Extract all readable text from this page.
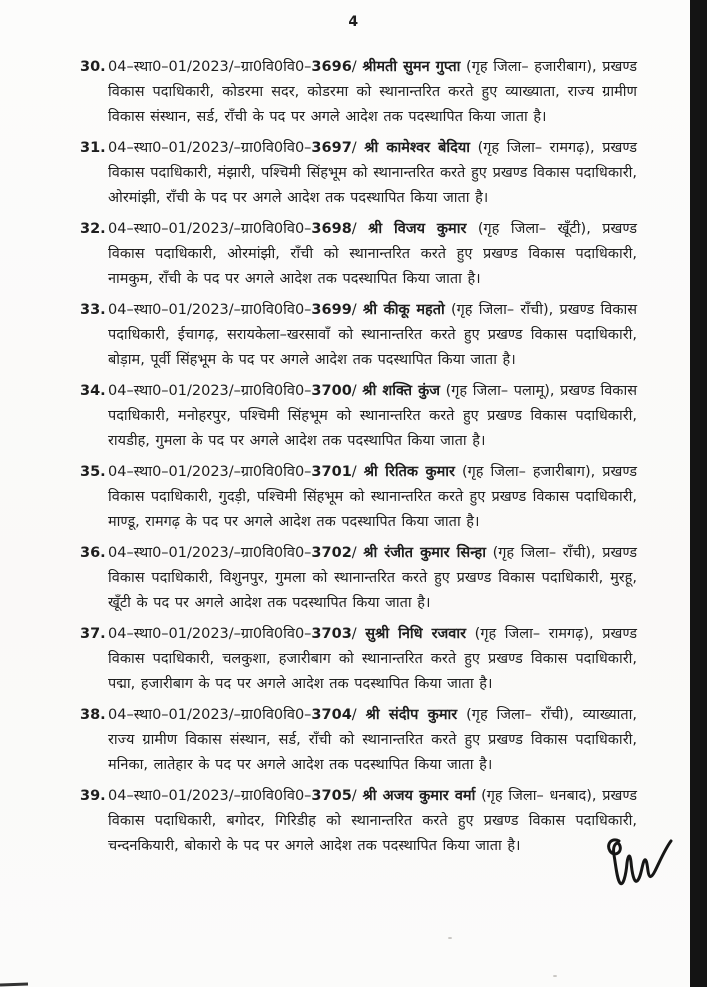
4
30. 04–स्था0–01/2023/–ग्रा0वि0वि0–3696/ श्रीमती सुमन गुप्ता (गृह जिला– हजारीबाग), प्रखण्ड विकास पदाधिकारी, कोडरमा सदर, कोडरमा को स्थानान्तरित करते हुए व्याख्याता, राज्य ग्रामीण विकास संस्थान, सर्ड, राँची के पद पर अगले आदेश तक पदस्थापित किया जाता है।

31. 04–स्था0–01/2023/–ग्रा0वि0वि0–3697/ श्री कामेश्वर बेदिया (गृह जिला– रामगढ़), प्रखण्ड विकास पदाधिकारी, मंझारी, पश्चिमी सिंहभूम को स्थानान्तरित करते हुए प्रखण्ड विकास पदाधिकारी, ओरमांझी, राँची के पद पर अगले आदेश तक पदस्थापित किया जाता है।

32. 04–स्था0–01/2023/–ग्रा0वि0वि0–3698/ श्री विजय कुमार (गृह जिला– खूँटी), प्रखण्ड विकास पदाधिकारी, ओरमांझी, राँची को स्थानान्तरित करते हुए प्रखण्ड विकास पदाधिकारी, नामकुम, राँची के पद पर अगले आदेश तक पदस्थापित किया जाता है।

33. 04–स्था0–01/2023/–ग्रा0वि0वि0–3699/ श्री कीकू महतो (गृह जिला– राँची), प्रखण्ड विकास पदाधिकारी, ईचागढ़, सरायकेला–खरसावाँ को स्थानान्तरित करते हुए प्रखण्ड विकास पदाधिकारी, बोड़ाम, पूर्वी सिंहभूम के पद पर अगले आदेश तक पदस्थापित किया जाता है।

34. 04–स्था0–01/2023/–ग्रा0वि0वि0–3700/ श्री शक्ति कुंज (गृह जिला– पलामू), प्रखण्ड विकास पदाधिकारी, मनोहरपुर, पश्चिमी सिंहभूम को स्थानान्तरित करते हुए प्रखण्ड विकास पदाधिकारी, रायडीह, गुमला के पद पर अगले आदेश तक पदस्थापित किया जाता है।

35. 04–स्था0–01/2023/–ग्रा0वि0वि0–3701/ श्री रितिक कुमार (गृह जिला– हजारीबाग), प्रखण्ड विकास पदाधिकारी, गुदड़ी, पश्चिमी सिंहभूम को स्थानान्तरित करते हुए प्रखण्ड विकास पदाधिकारी, माण्डू, रामगढ़ के पद पर अगले आदेश तक पदस्थापित किया जाता है।

36. 04–स्था0–01/2023/–ग्रा0वि0वि0–3702/ श्री रंजीत कुमार सिन्हा (गृह जिला– राँची), प्रखण्ड विकास पदाधिकारी, विशुनपुर, गुमला को स्थानान्तरित करते हुए प्रखण्ड विकास पदाधिकारी, मुरहू, खूँटी के पद पर अगले आदेश तक पदस्थापित किया जाता है।

37. 04–स्था0–01/2023/–ग्रा0वि0वि0–3703/ सुश्री निधि रजवार (गृह जिला– रामगढ़), प्रखण्ड विकास पदाधिकारी, चलकुशा, हजारीबाग को स्थानान्तरित करते हुए प्रखण्ड विकास पदाधिकारी, पद्मा, हजारीबाग के पद पर अगले आदेश तक पदस्थापित किया जाता है।

38. 04–स्था0–01/2023/–ग्रा0वि0वि0–3704/ श्री संदीप कुमार (गृह जिला– राँची), व्याख्याता, राज्य ग्रामीण विकास संस्थान, सर्ड, राँची को स्थानान्तरित करते हुए प्रखण्ड विकास पदाधिकारी, मनिका, लातेहार के पद पर अगले आदेश तक पदस्थापित किया जाता है।

39. 04–स्था0–01/2023/–ग्रा0वि0वि0–3705/ श्री अजय कुमार वर्मा (गृह जिला– धनबाद), प्रखण्ड विकास पदाधिकारी, बगोदर, गिरिडीह को स्थानान्तरित करते हुए प्रखण्ड विकास पदाधिकारी, चन्दनकियारी, बोकारो के पद पर अगले आदेश तक पदस्थापित किया जाता है।
